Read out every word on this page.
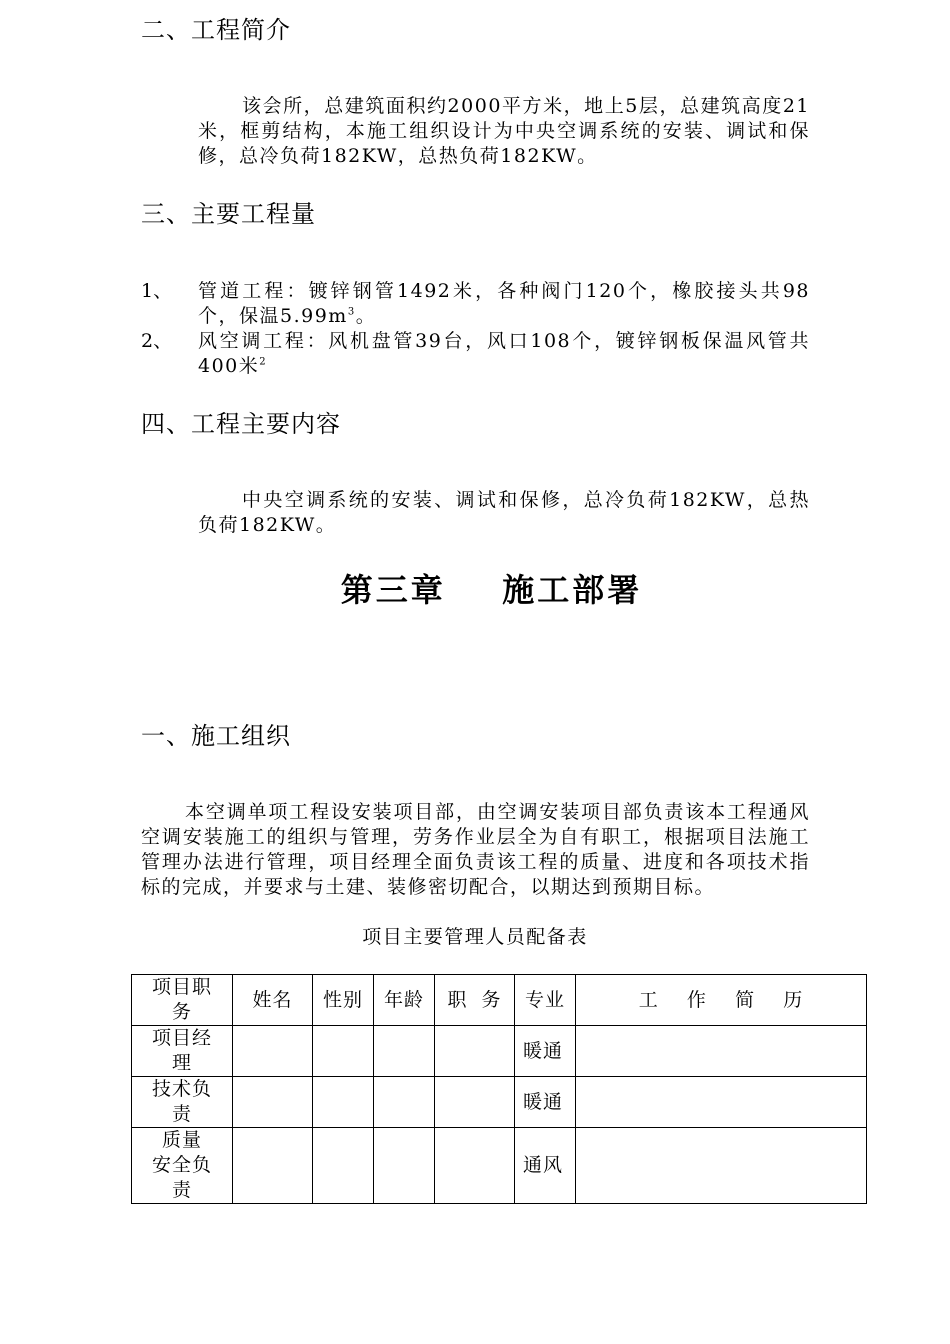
二、工程简介
该会所，总建筑面积约2000平方米，地上5层，总建筑高度21米，框剪结构，本施工组织设计为中央空调系统的安装、调试和保修，总冷负荷182KW，总热负荷182KW。
三、主要工程量
1、 管道工程：镀锌钢管1492米，各种阀门120个，橡胶接头共98个，保温$5.99m^3$。
2、 风空调工程：风机盘管39台，风口108个，镀锌钢板保温风管共400米$^2$
四、工程主要内容
中央空调系统的安装、调试和保修，总冷负荷182KW，总热负荷182KW。
第三章    施工部署
一、施工组织
本空调单项工程设安装项目部，由空调安装项目部负责该本工程通风空调安装施工的组织与管理，劳务作业层全为自有职工，根据项目法施工管理办法进行管理，项目经理全面负责该工程的质量、进度和各项技术指标的完成，并要求与土建、装修密切配合，以期达到预期目标。
项目主要管理人员配备表
项目职
务	姓名	性别	年龄	职  务	专业	工    作    简    历
项目经
理					暖通	
技术负
责					暖通	
质量
安全负
责					通风	
